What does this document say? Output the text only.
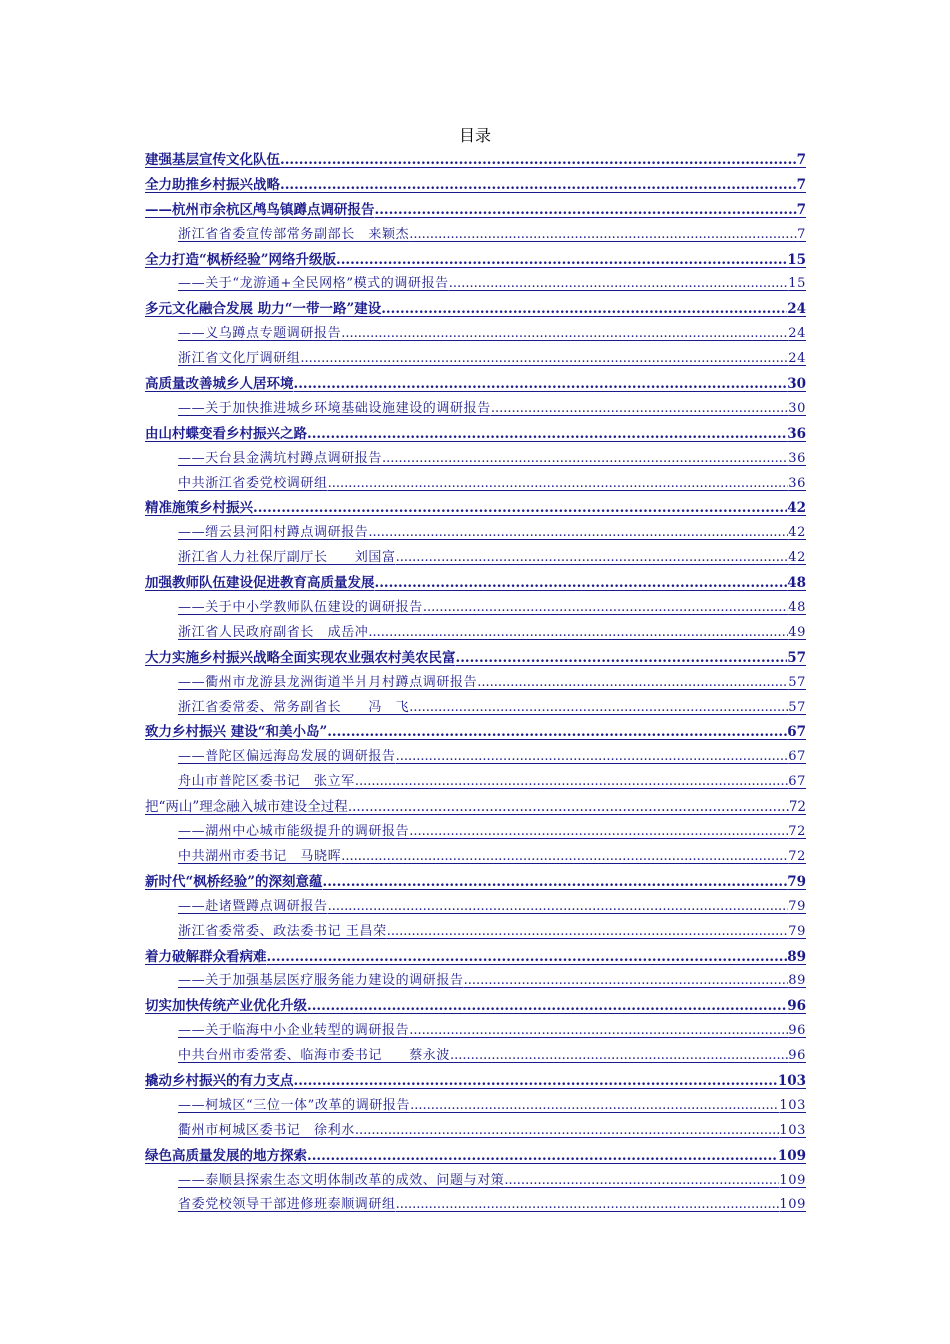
目录
建强基层宣传文化队伍 .....	7
全力助推乡村振兴战略 .....	7
——杭州市余杭区鸬鸟镇蹲点调研报告 .....	7
浙江省省委宣传部常务副部长　来颖杰 .....	7
全力打造“枫桥经验”网络升级版 .....	15
——关于“龙游通+全民网格”模式的调研报告 .....	15
多元文化融合发展 助力“一带一路”建设 .....	24
——义乌蹲点专题调研报告 .....	24
浙江省文化厅调研组 .....	24
高质量改善城乡人居环境 .....	30
——关于加快推进城乡环境基础设施建设的调研报告 .....	30
由山村蝶变看乡村振兴之路 .....	36
——天台县金满坑村蹲点调研报告 .....	36
中共浙江省委党校调研组 .....	36
精准施策乡村振兴 .....	42
——缙云县河阳村蹲点调研报告 .....	42
浙江省人力社保厅副厅长　　刘国富 .....	42
加强教师队伍建设促进教育高质量发展 .....	48
——关于中小学教师队伍建设的调研报告 .....	48
浙江省人民政府副省长　成岳冲 .....	49
大力实施乡村振兴战略全面实现农业强农村美农民富 .....	57
——衢州市龙游县龙洲街道半爿月村蹲点调研报告 .....	57
浙江省委常委、常务副省长　　冯　飞 .....	57
致力乡村振兴 建设“和美小岛” .....	67
——普陀区偏远海岛发展的调研报告 .....	67
舟山市普陀区委书记　张立军 .....	67
把“两山”理念融入城市建设全过程 .....	72
——湖州中心城市能级提升的调研报告 .....	72
中共湖州市委书记　马晓晖 .....	72
新时代“枫桥经验”的深刻意蕴 .....	79
——赴诸暨蹲点调研报告 .....	79
浙江省委常委、政法委书记 王昌荣 .....	79
着力破解群众看病难 .....	89
——关于加强基层医疗服务能力建设的调研报告 .....	89
切实加快传统产业优化升级 .....	96
——关于临海中小企业转型的调研报告 .....	96
中共台州市委常委、临海市委书记　　蔡永波 .....	96
撬动乡村振兴的有力支点 .....	103
——柯城区“三位一体”改革的调研报告 .....	103
衢州市柯城区委书记　徐利水 .....	103
绿色高质量发展的地方探索 .....	109
——泰顺县探索生态文明体制改革的成效、问题与对策 .....	109
省委党校领导干部进修班泰顺调研组 .....	109
